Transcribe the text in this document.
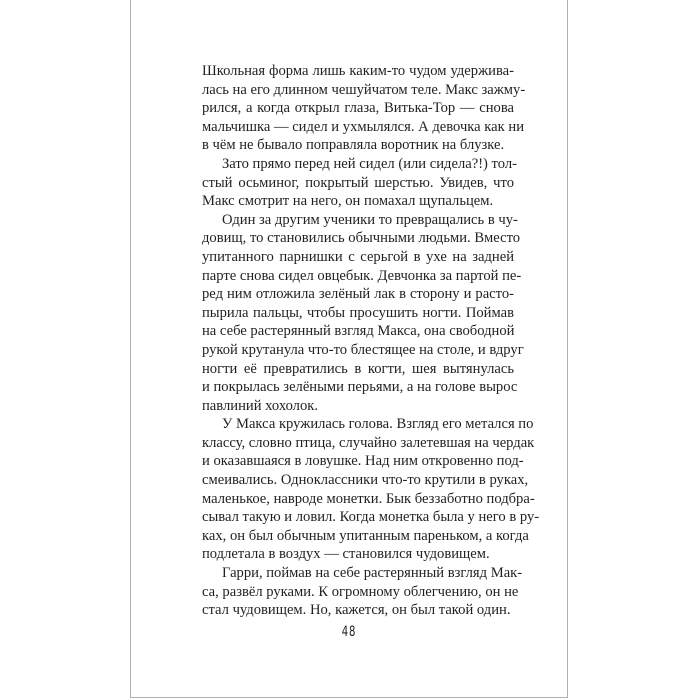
Школьная форма лишь каким-то чудом удержива-
лась на его длинном чешуйчатом теле. Макс зажму-
рился, а когда открыл глаза, Витька-Тор — снова
мальчишка — сидел и ухмылялся. А девочка как ни
в чём не бывало поправляла воротник на блузке.

Зато прямо перед ней сидел (или сидела?!) тол-
стый осьминог, покрытый шерстью. Увидев, что
Макс смотрит на него, он помахал щупальцем.

Один за другим ученики то превращались в чу-
довищ, то становились обычными людьми. Вместо
упитанного парнишки с серьгой в ухе на задней
парте снова сидел овцебык. Девчонка за партой пе-
ред ним отложила зелёный лак в сторону и расто-
пырила пальцы, чтобы просушить ногти. Поймав
на себе растерянный взгляд Макса, она свободной
рукой крутанула что-то блестящее на столе, и вдруг
ногти её превратились в когти, шея вытянулась
и покрылась зелёными перьями, а на голове вырос
павлиний хохолок.

У Макса кружилась голова. Взгляд его метался по
классу, словно птица, случайно залетевшая на чердак
и оказавшаяся в ловушке. Над ним откровенно под-
смеивались. Одноклассники что-то крутили в руках,
маленькое, навроде монетки. Бык беззаботно подбра-
сывал такую и ловил. Когда монетка была у него в ру-
ках, он был обычным упитанным пареньком, а когда
подлетала в воздух — становился чудовищем.

Гарри, поймав на себе растерянный взгляд Мак-
са, развёл руками. К огромному облегчению, он не
стал чудовищем. Но, кажется, он был такой один.

48
